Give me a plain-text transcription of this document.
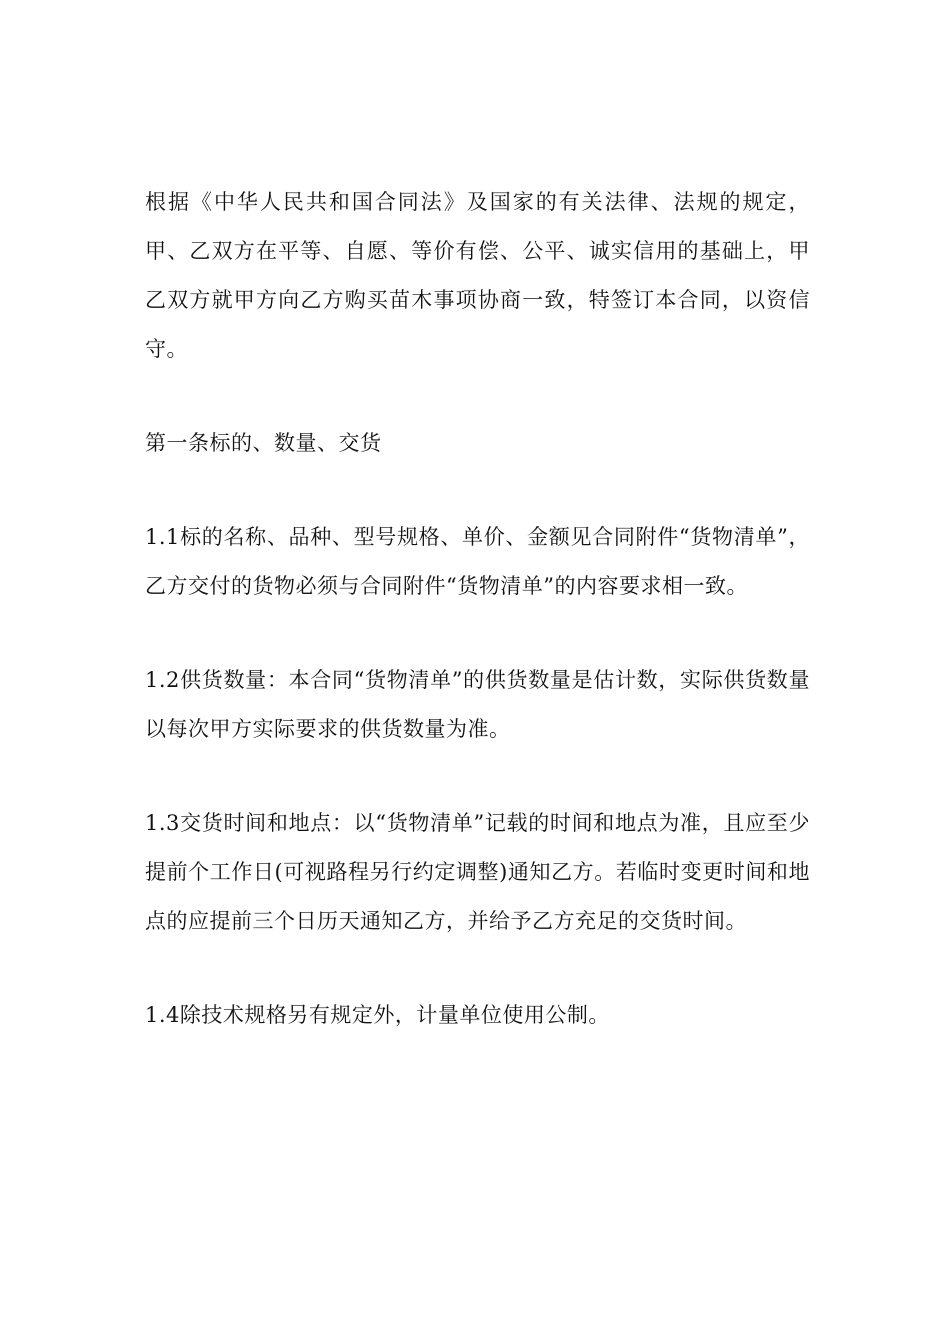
根据《中华人民共和国合同法》及国家的有关法律、法规的规定，甲、乙双方在平等、自愿、等价有偿、公平、诚实信用的基础上，甲乙双方就甲方向乙方购买苗木事项协商一致，特签订本合同，以资信守。

第一条标的、数量、交货

1.1标的名称、品种、型号规格、单价、金额见合同附件“货物清单”，乙方交付的货物必须与合同附件“货物清单”的内容要求相一致。

1.2供货数量：本合同“货物清单”的供货数量是估计数，实际供货数量以每次甲方实际要求的供货数量为准。

1.3交货时间和地点：以“货物清单”记载的时间和地点为准，且应至少提前个工作日(可视路程另行约定调整)通知乙方。若临时变更时间和地点的应提前三个日历天通知乙方，并给予乙方充足的交货时间。

1.4除技术规格另有规定外，计量单位使用公制。
